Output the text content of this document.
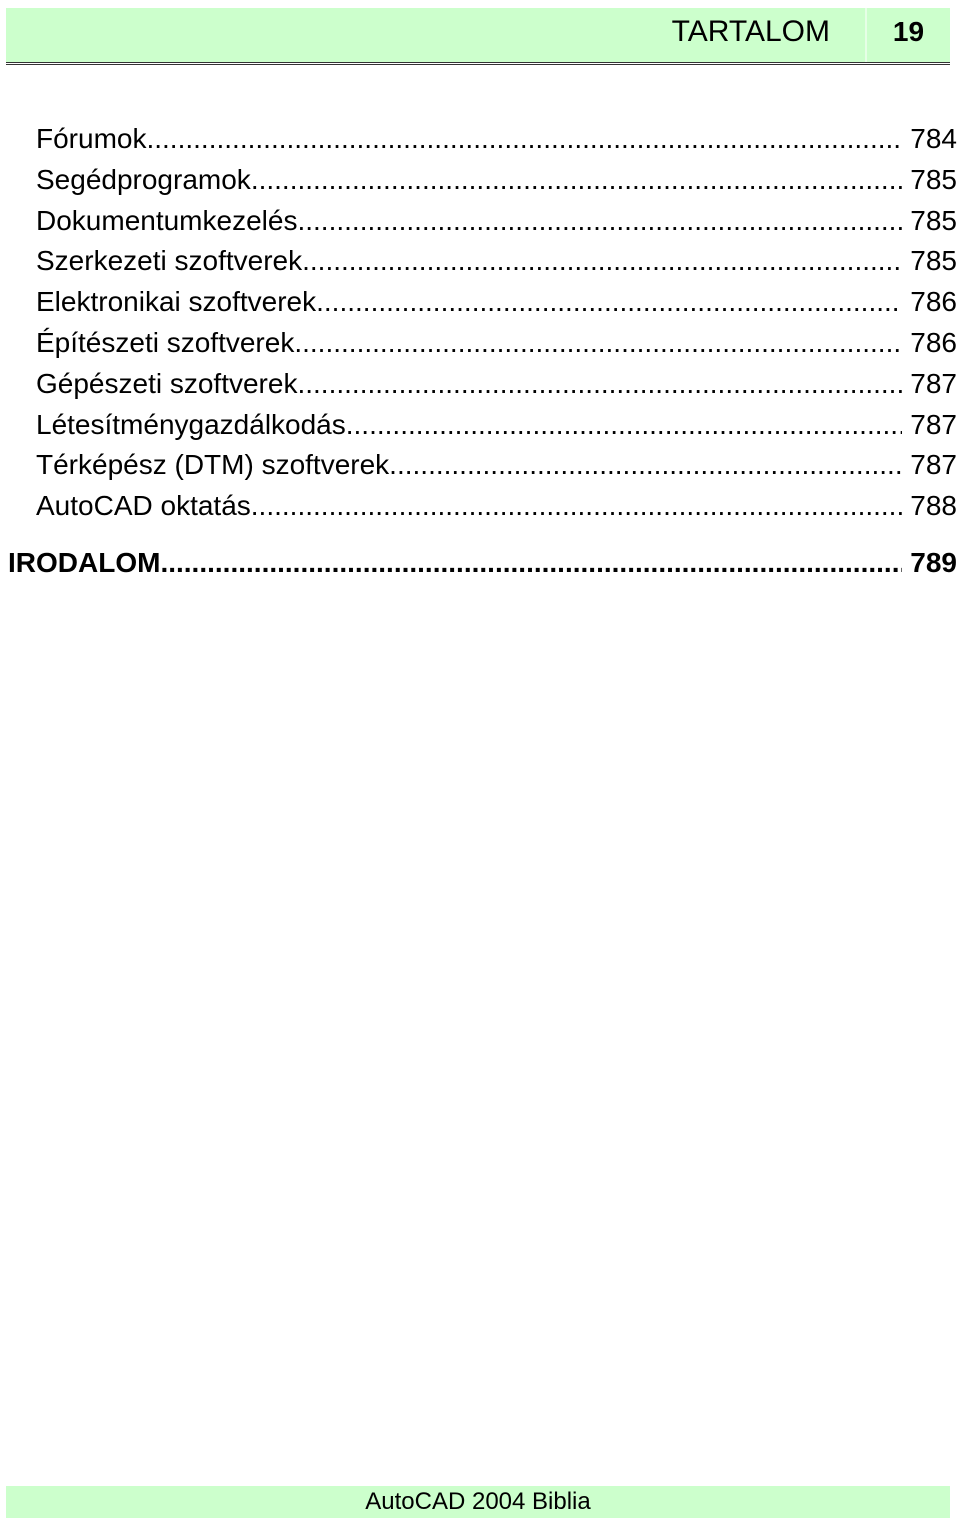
TARTALOM	19
Fórumok .....	784
Segédprogramok .....	785
Dokumentumkezelés .....	785
Szerkezeti szoftverek .....	785
Elektronikai szoftverek .....	786
Építészeti szoftverek .....	786
Gépészeti szoftverek .....	787
Létesítménygazdálkodás .....	787
Térképész (DTM) szoftverek .....	787
AutoCAD oktatás .....	788
IRODALOM .....	789
AutoCAD 2004 Biblia
